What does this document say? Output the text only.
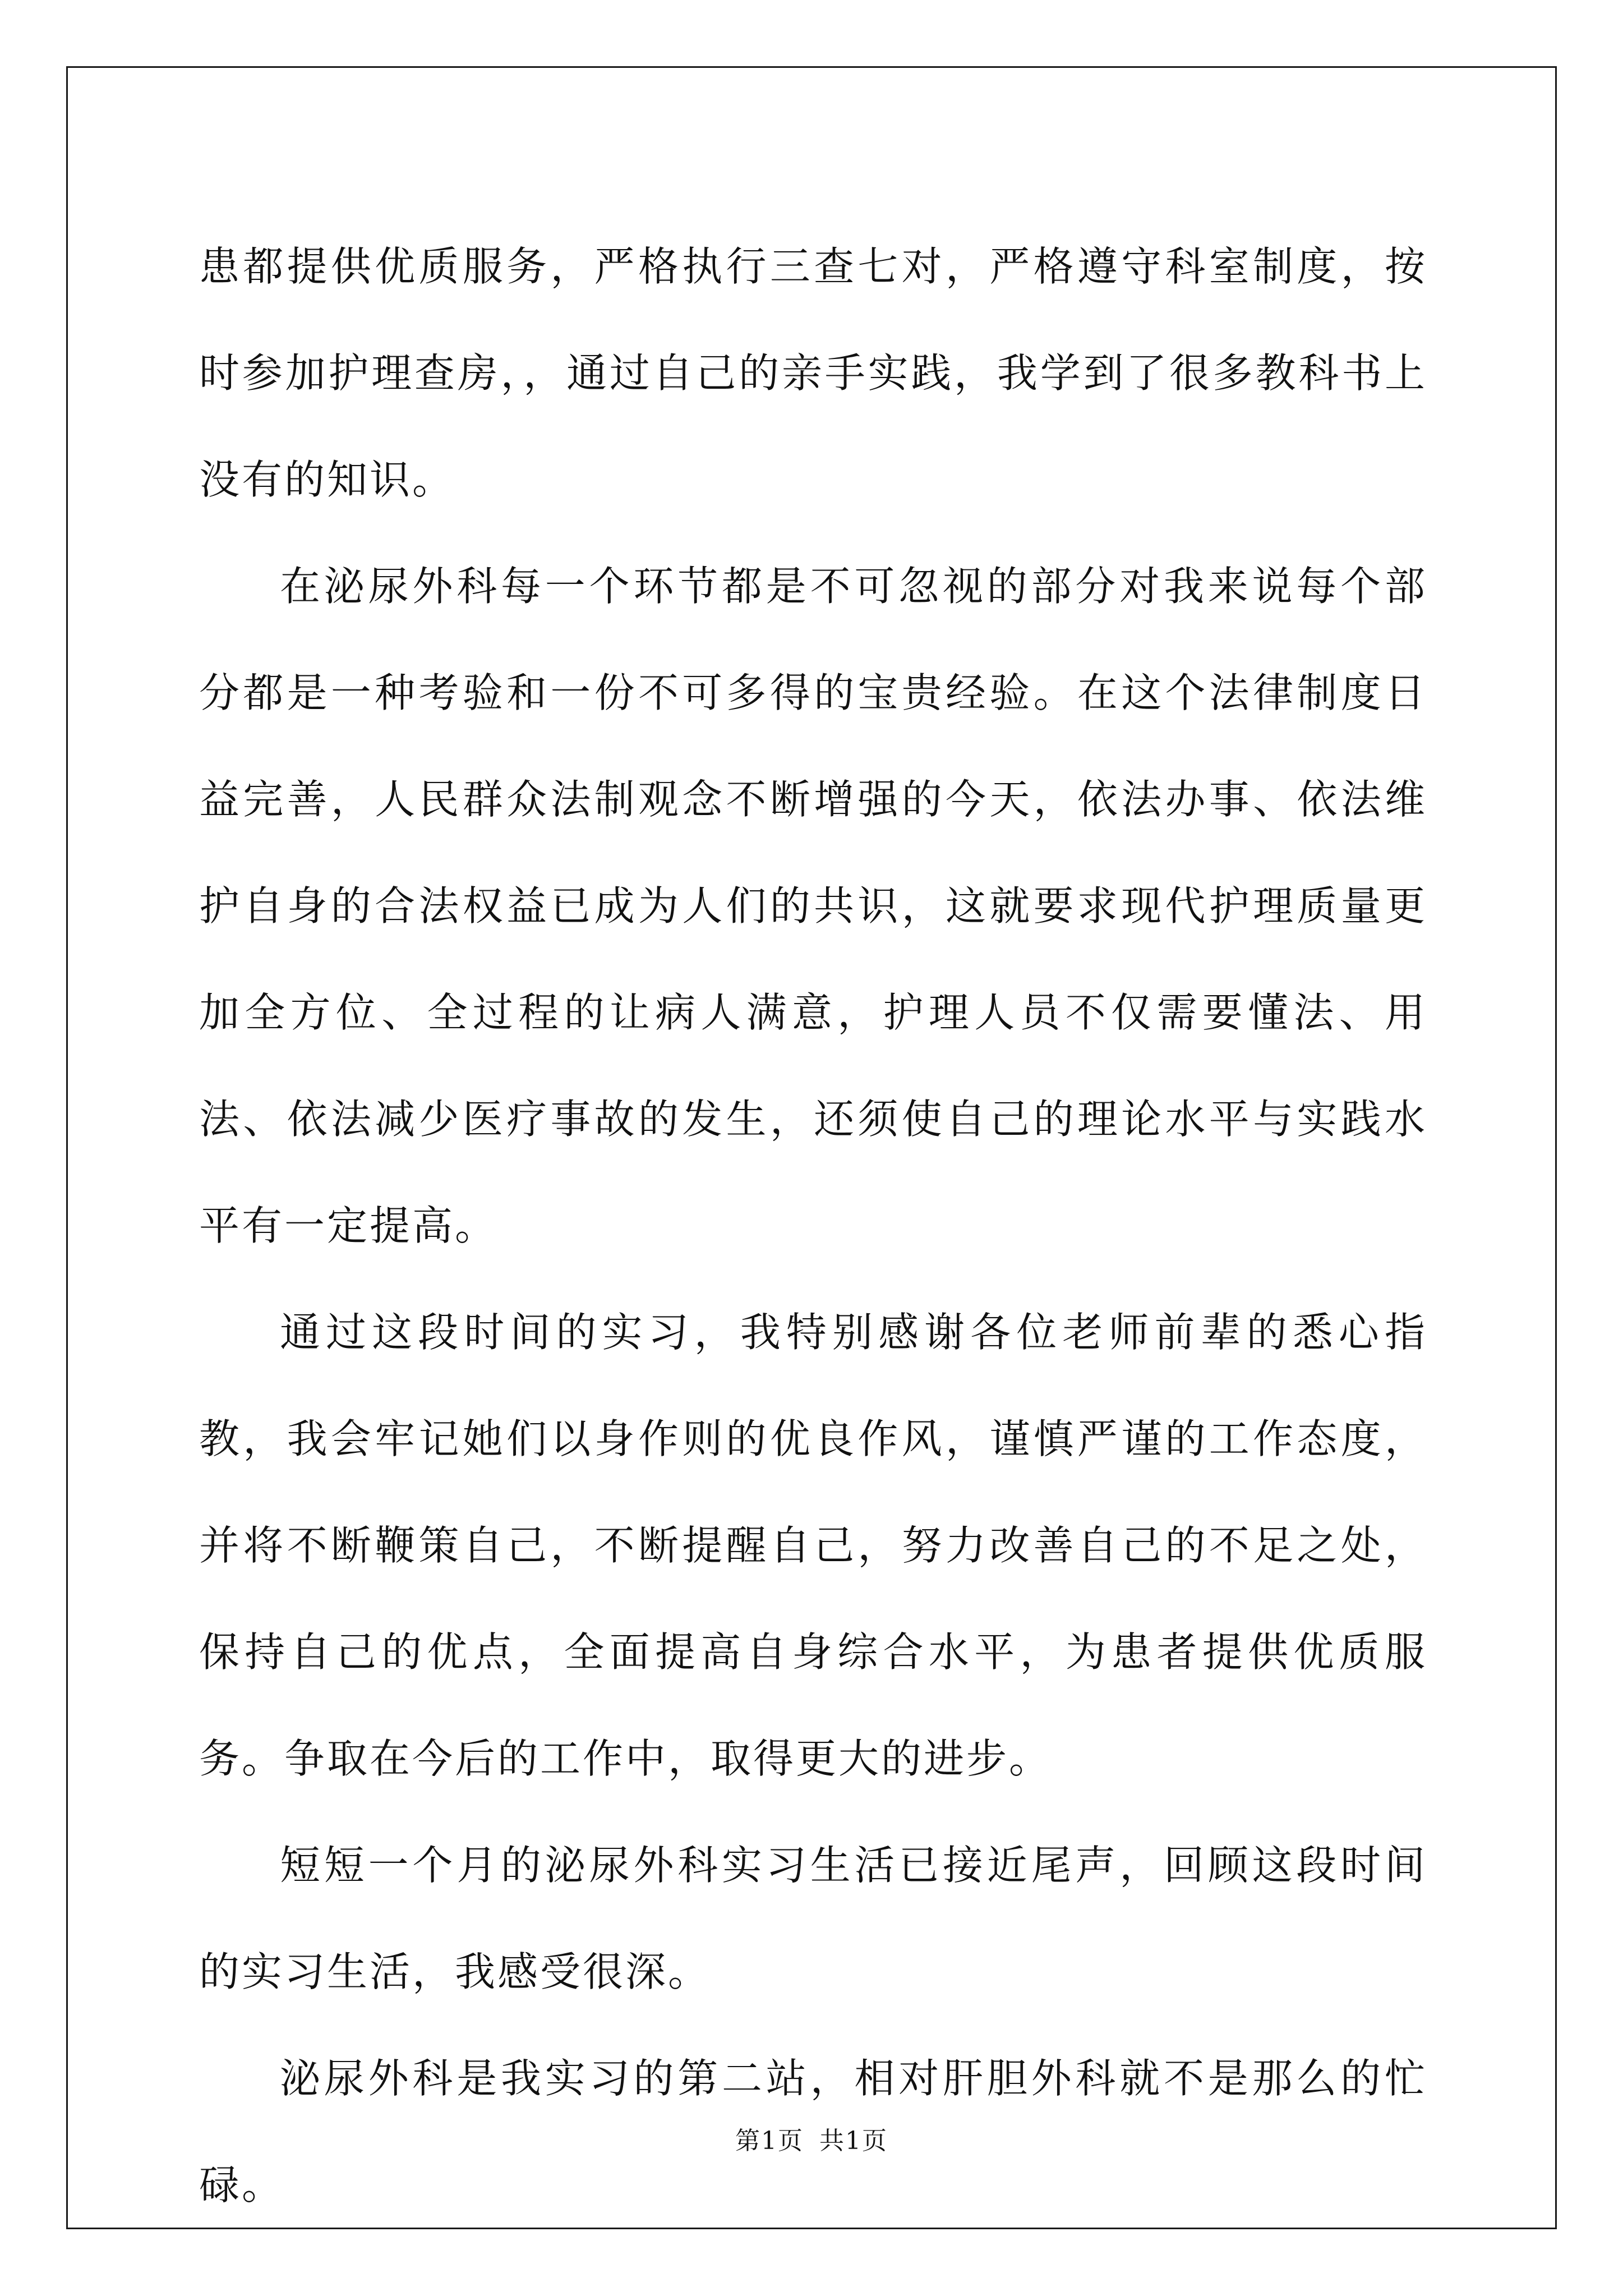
患都提供优质服务，严格执行三查七对，严格遵守科室制度，按时参加护理查房，，通过自己的亲手实践，我学到了很多教科书上没有的知识。

在泌尿外科每一个环节都是不可忽视的部分对我来说每个部分都是一种考验和一份不可多得的宝贵经验。在这个法律制度日益完善，人民群众法制观念不断增强的今天，依法办事、依法维护自身的合法权益已成为人们的共识，这就要求现代护理质量更加全方位、全过程的让病人满意，护理人员不仅需要懂法、用法、依法减少医疗事故的发生，还须使自己的理论水平与实践水平有一定提高。

通过这段时间的实习，我特别感谢各位老师前辈的悉心指教，我会牢记她们以身作则的优良作风，谨慎严谨的工作态度，并将不断鞭策自己，不断提醒自己，努力改善自己的不足之处，保持自己的优点，全面提高自身综合水平，为患者提供优质服务。争取在今后的工作中，取得更大的进步。

短短一个月的泌尿外科实习生活已接近尾声，回顾这段时间的实习生活，我感受很深。

泌尿外科是我实习的第二站，相对肝胆外科就不是那么的忙碌。

第1页 共1页
